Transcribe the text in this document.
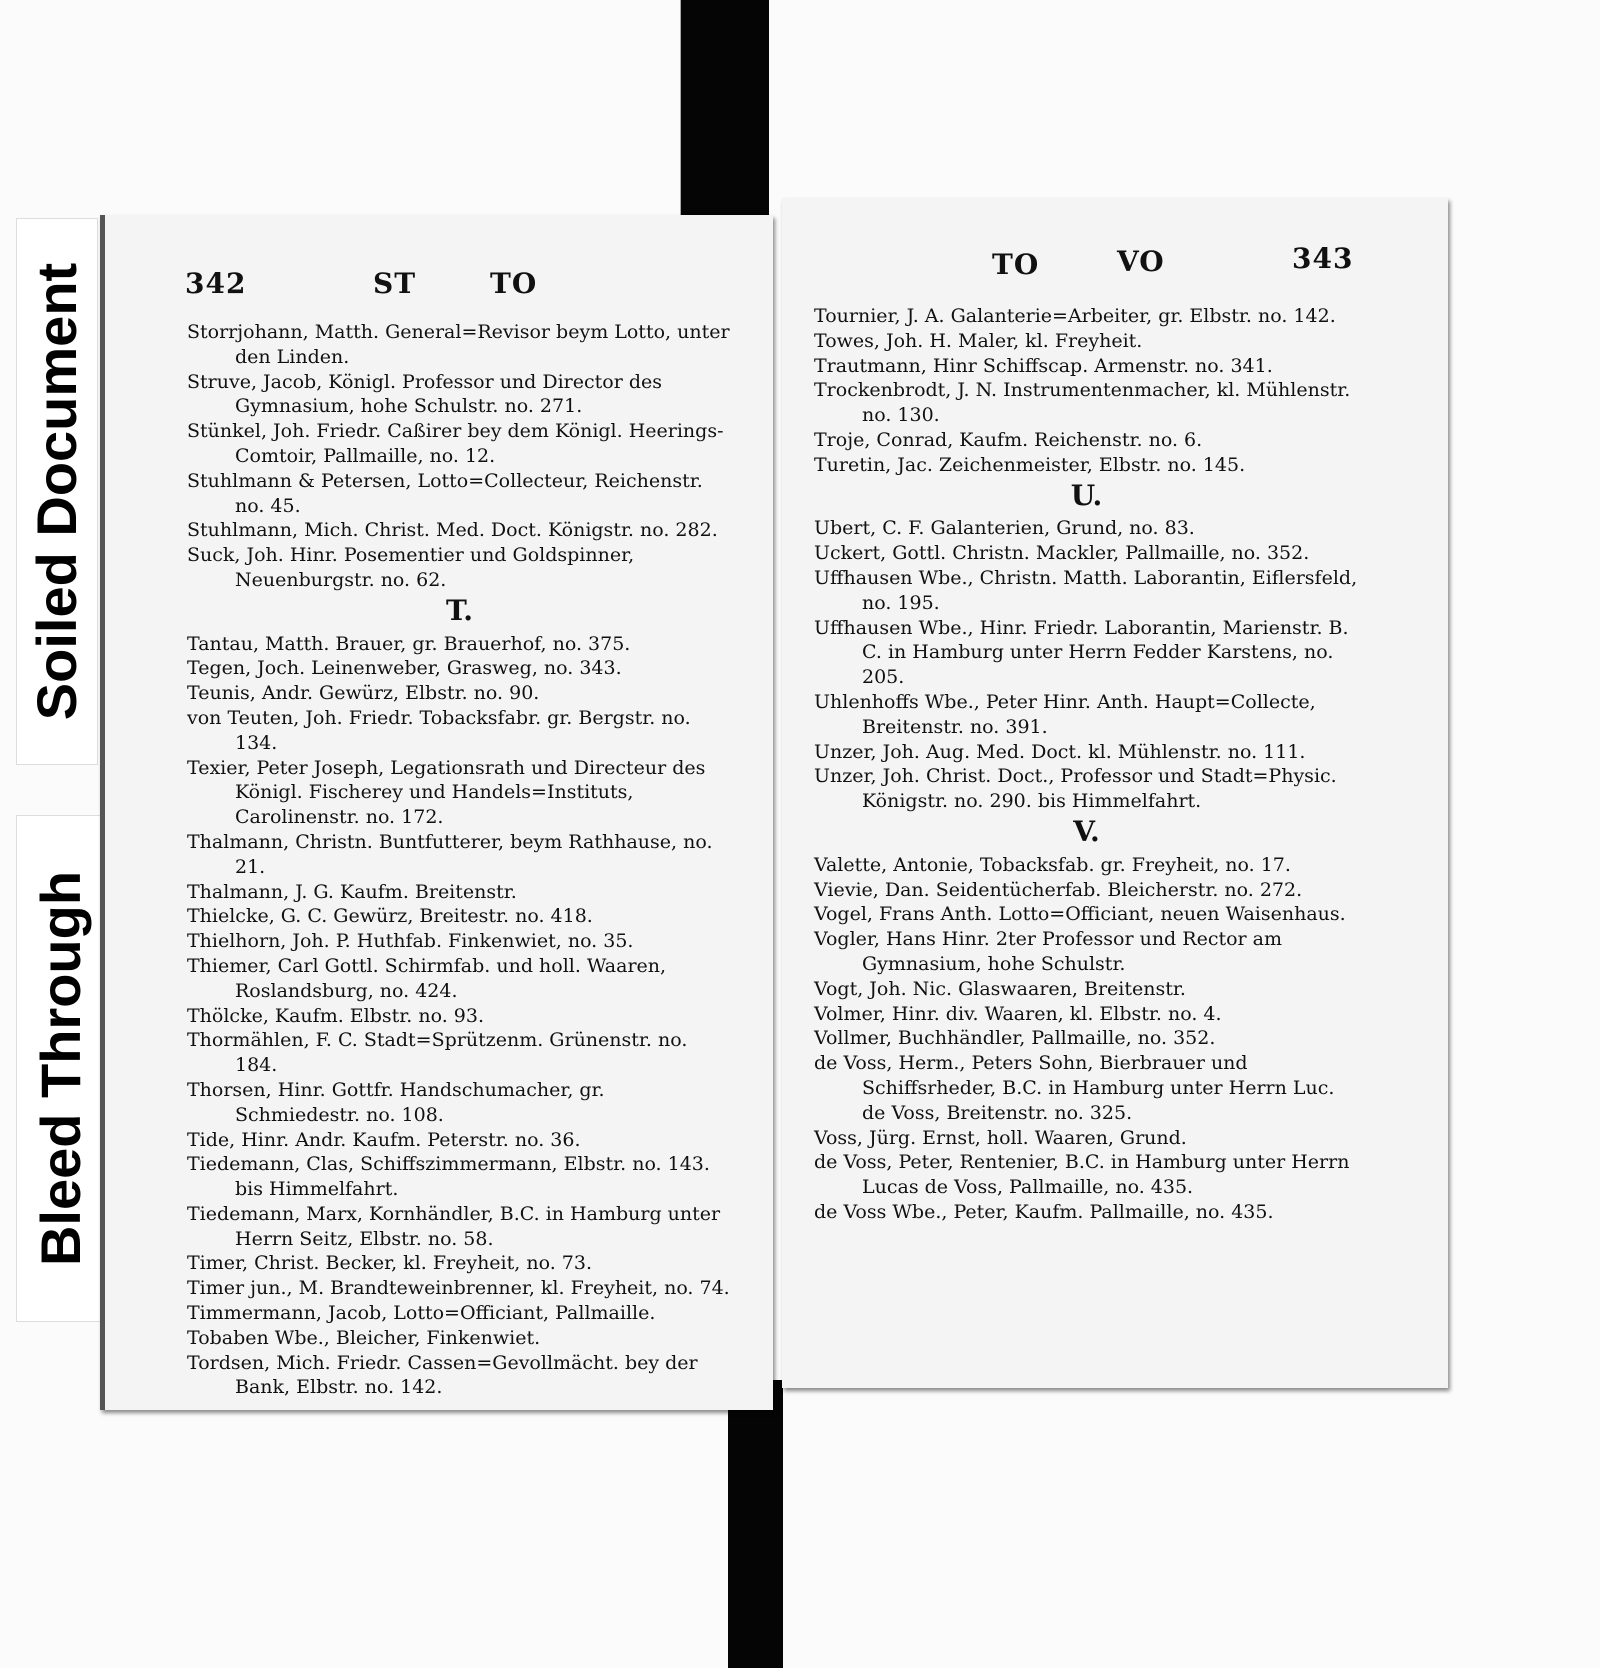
Soiled Document
Bleed Through
342	ST	TO

Storrjohann, Matth. General=Revisor beym Lotto, unter den Linden.

Struve, Jacob, Königl. Professor und Director des Gymnasium, hohe Schulstr. no. 271.

Stünkel, Joh. Friedr. Caßirer bey dem Königl. Heerings-Comtoir, Pallmaille, no. 12.

Stuhlmann & Petersen, Lotto=Collecteur, Reichenstr. no. 45.

Stuhlmann, Mich. Christ. Med. Doct. Königstr. no. 282.

Suck, Joh. Hinr. Posementier und Goldspinner, Neuenburgstr. no. 62.

T.

Tantau, Matth. Brauer, gr. Brauerhof, no. 375.

Tegen, Joch. Leinenweber, Grasweg, no. 343.

Teunis, Andr. Gewürz, Elbstr. no. 90.

von Teuten, Joh. Friedr. Tobacksfabr. gr. Bergstr. no. 134.

Texier, Peter Joseph, Legationsrath und Directeur des Königl. Fischerey und Handels=Instituts, Carolinenstr. no. 172.

Thalmann, Christn. Buntfutterer, beym Rathhause, no. 21.

Thalmann, J. G. Kaufm. Breitenstr.

Thielcke, G. C. Gewürz, Breitestr. no. 418.

Thielhorn, Joh. P. Huthfab. Finkenwiet, no. 35.

Thiemer, Carl Gottl. Schirmfab. und holl. Waaren, Roslandsburg, no. 424.

Thölcke, Kaufm. Elbstr. no. 93.

Thormählen, F. C. Stadt=Sprützenm. Grünenstr. no. 184.

Thorsen, Hinr. Gottfr. Handschumacher, gr. Schmiedestr. no. 108.

Tide, Hinr. Andr. Kaufm. Peterstr. no. 36.

Tiedemann, Clas, Schiffszimmermann, Elbstr. no. 143. bis Himmelfahrt.

Tiedemann, Marx, Kornhändler, B.C. in Hamburg unter Herrn Seitz, Elbstr. no. 58.

Timer, Christ. Becker, kl. Freyheit, no. 73.

Timer jun., M. Brandteweinbrenner, kl. Freyheit, no. 74.

Timmermann, Jacob, Lotto=Officiant, Pallmaille.

Tobaben Wbe., Bleicher, Finkenwiet.

Tordsen, Mich. Friedr. Cassen=Gevollmächt. bey der Bank, Elbstr. no. 142.

TO	VO	343

Tournier, J. A. Galanterie=Arbeiter, gr. Elbstr. no. 142.

Towes, Joh. H. Maler, kl. Freyheit.

Trautmann, Hinr Schiffscap. Armenstr. no. 341.

Trockenbrodt, J. N. Instrumentenmacher, kl. Mühlenstr. no. 130.

Troje, Conrad, Kaufm. Reichenstr. no. 6.

Turetin, Jac. Zeichenmeister, Elbstr. no. 145.

U.

Ubert, C. F. Galanterien, Grund, no. 83.

Uckert, Gottl. Christn. Mackler, Pallmaille, no. 352.

Uffhausen Wbe., Christn. Matth. Laborantin, Eiflersfeld, no. 195.

Uffhausen Wbe., Hinr. Friedr. Laborantin, Marienstr. B. C. in Hamburg unter Herrn Fedder Karstens, no. 205.

Uhlenhoffs Wbe., Peter Hinr. Anth. Haupt=Collecte, Breitenstr. no. 391.

Unzer, Joh. Aug. Med. Doct. kl. Mühlenstr. no. 111.

Unzer, Joh. Christ. Doct., Professor und Stadt=Physic. Königstr. no. 290. bis Himmelfahrt.

V.

Valette, Antonie, Tobacksfab. gr. Freyheit, no. 17.

Vievie, Dan. Seidentücherfab. Bleicherstr. no. 272.

Vogel, Frans Anth. Lotto=Officiant, neuen Waisenhaus.

Vogler, Hans Hinr. 2ter Professor und Rector am Gymnasium, hohe Schulstr.

Vogt, Joh. Nic. Glaswaaren, Breitenstr.

Volmer, Hinr. div. Waaren, kl. Elbstr. no. 4.

Vollmer, Buchhändler, Pallmaille, no. 352.

de Voss, Herm., Peters Sohn, Bierbrauer und Schiffsrheder, B.C. in Hamburg unter Herrn Luc. de Voss, Breitenstr. no. 325.

Voss, Jürg. Ernst, holl. Waaren, Grund.

de Voss, Peter, Rentenier, B.C. in Hamburg unter Herrn Lucas de Voss, Pallmaille, no. 435.

de Voss Wbe., Peter, Kaufm. Pallmaille, no. 435.
